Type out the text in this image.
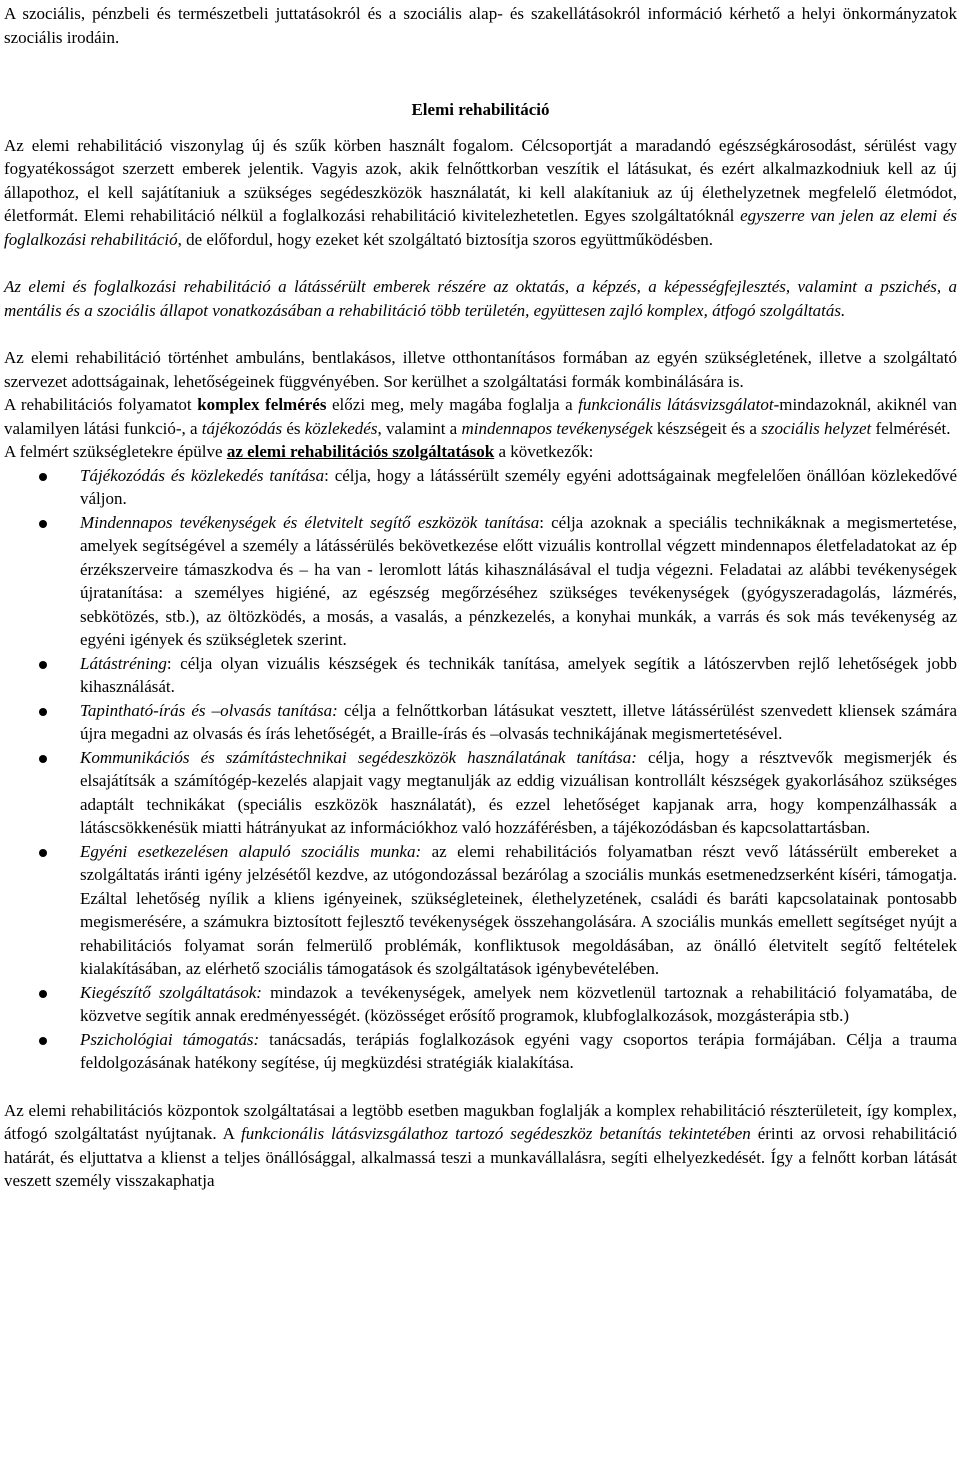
A szociális, pénzbeli és természetbeli juttatásokról és a szociális alap- és szakellátásokról információ kérhető a helyi önkormányzatok szociális irodáin.

Elemi rehabilitáció

Az elemi rehabilitáció viszonylag új és szűk körben használt fogalom. Célcsoportját a maradandó egészségkárosodást, sérülést vagy fogyatékosságot szerzett emberek jelentik. Vagyis azok, akik felnőttkorban veszítik el látásukat, és ezért alkalmazkodniuk kell az új állapothoz, el kell sajátítaniuk a szükséges segédeszközök használatát, ki kell alakítaniuk az új élethelyzetnek megfelelő életmódot, életformát. Elemi rehabilitáció nélkül a foglalkozási rehabilitáció kivitelezhetetlen. Egyes szolgáltatóknál egyszerre van jelen az elemi és foglalkozási rehabilitáció, de előfordul, hogy ezeket két szolgáltató biztosítja szoros együttműködésben.

Az elemi és foglalkozási rehabilitáció a látássérült emberek részére az oktatás, a képzés, a képességfejlesztés, valamint a pszichés, a mentális és a szociális állapot vonatkozásában a rehabilitáció több területén, együttesen zajló komplex, átfogó szolgáltatás.

Az elemi rehabilitáció történhet ambuláns, bentlakásos, illetve otthontanításos formában az egyén szükségletének, illetve a szolgáltató szervezet adottságainak, lehetőségeinek függvényében. Sor kerülhet a szolgáltatási formák kombinálására is.

A rehabilitációs folyamatot komplex felmérés előzi meg, mely magába foglalja a funkcionális látásvizsgálatot-mindazoknál, akiknél van valamilyen látási funkció-, a tájékozódás és közlekedés, valamint a mindennapos tevékenységek készségeit és a szociális helyzet felmérését.

A felmért szükségletekre épülve az elemi rehabilitációs szolgáltatások a következők:

Tájékozódás és közlekedés tanítása: célja, hogy a látássérült személy egyéni adottságainak megfelelően önállóan közlekedővé váljon.
Mindennapos tevékenységek és életvitelt segítő eszközök tanítása: célja azoknak a speciális technikáknak a megismertetése, amelyek segítségével a személy a látássérülés bekövetkezése előtt vizuális kontrollal végzett mindennapos életfeladatokat az ép érzékszerveire támaszkodva és – ha van - leromlott látás kihasználásával el tudja végezni. Feladatai az alábbi tevékenységek újratanítása: a személyes higiéné, az egészség megőrzéséhez szükséges tevékenységek (gyógyszeradagolás, lázmérés, sebkötözés, stb.), az öltözködés, a mosás, a vasalás, a pénzkezelés, a konyhai munkák, a varrás és sok más tevékenység az egyéni igények és szükségletek szerint.
Látástréning: célja olyan vizuális készségek és technikák tanítása, amelyek segítik a látószervben rejlő lehetőségek jobb kihasználását.
Tapintható-írás és –olvasás tanítása: célja a felnőttkorban látásukat vesztett, illetve látássérülést szenvedett kliensek számára újra megadni az olvasás és írás lehetőségét, a Braille-írás és –olvasás technikájának megismertetésével.
Kommunikációs és számítástechnikai segédeszközök használatának tanítása: célja, hogy a résztvevők megismerjék és elsajátítsák a számítógép-kezelés alapjait vagy megtanulják az eddig vizuálisan kontrollált készségek gyakorlásához szükséges adaptált technikákat (speciális eszközök használatát), és ezzel lehetőséget kapjanak arra, hogy kompenzálhassák a látáscsökkenésük miatti hátrányukat az információkhoz való hozzáférésben, a tájékozódásban és kapcsolattartásban.
Egyéni esetkezelésen alapuló szociális munka: az elemi rehabilitációs folyamatban részt vevő látássérült embereket a szolgáltatás iránti igény jelzésétől kezdve, az utógondozással bezárólag a szociális munkás esetmenedzserként kíséri, támogatja. Ezáltal lehetőség nyílik a kliens igényeinek, szükségleteinek, élethelyzetének, családi és baráti kapcsolatainak pontosabb megismerésére, a számukra biztosított fejlesztő tevékenységek összehangolására. A szociális munkás emellett segítséget nyújt a rehabilitációs folyamat során felmerülő problémák, konfliktusok megoldásában, az önálló életvitelt segítő feltételek kialakításában, az elérhető szociális támogatások és szolgáltatások igénybevételében.
Kiegészítő szolgáltatások: mindazok a tevékenységek, amelyek nem közvetlenül tartoznak a rehabilitáció folyamatába, de közvetve segítik annak eredményességét. (közösséget erősítő programok, klubfoglalkozások, mozgásterápia stb.)
Pszichológiai támogatás: tanácsadás, terápiás foglalkozások egyéni vagy csoportos terápia formájában. Célja a trauma feldolgozásának hatékony segítése, új megküzdési stratégiák kialakítása.

Az elemi rehabilitációs központok szolgáltatásai a legtöbb esetben magukban foglalják a komplex rehabilitáció részterületeit, így komplex, átfogó szolgáltatást nyújtanak. A funkcionális látásvizsgálathoz tartozó segédeszköz betanítás tekintetében érinti az orvosi rehabilitáció határát, és eljuttatva a klienst a teljes önállósággal, alkalmassá teszi a munkavállalásra, segíti elhelyezkedését. Így a felnőtt korban látását veszett személy visszakaphatja
